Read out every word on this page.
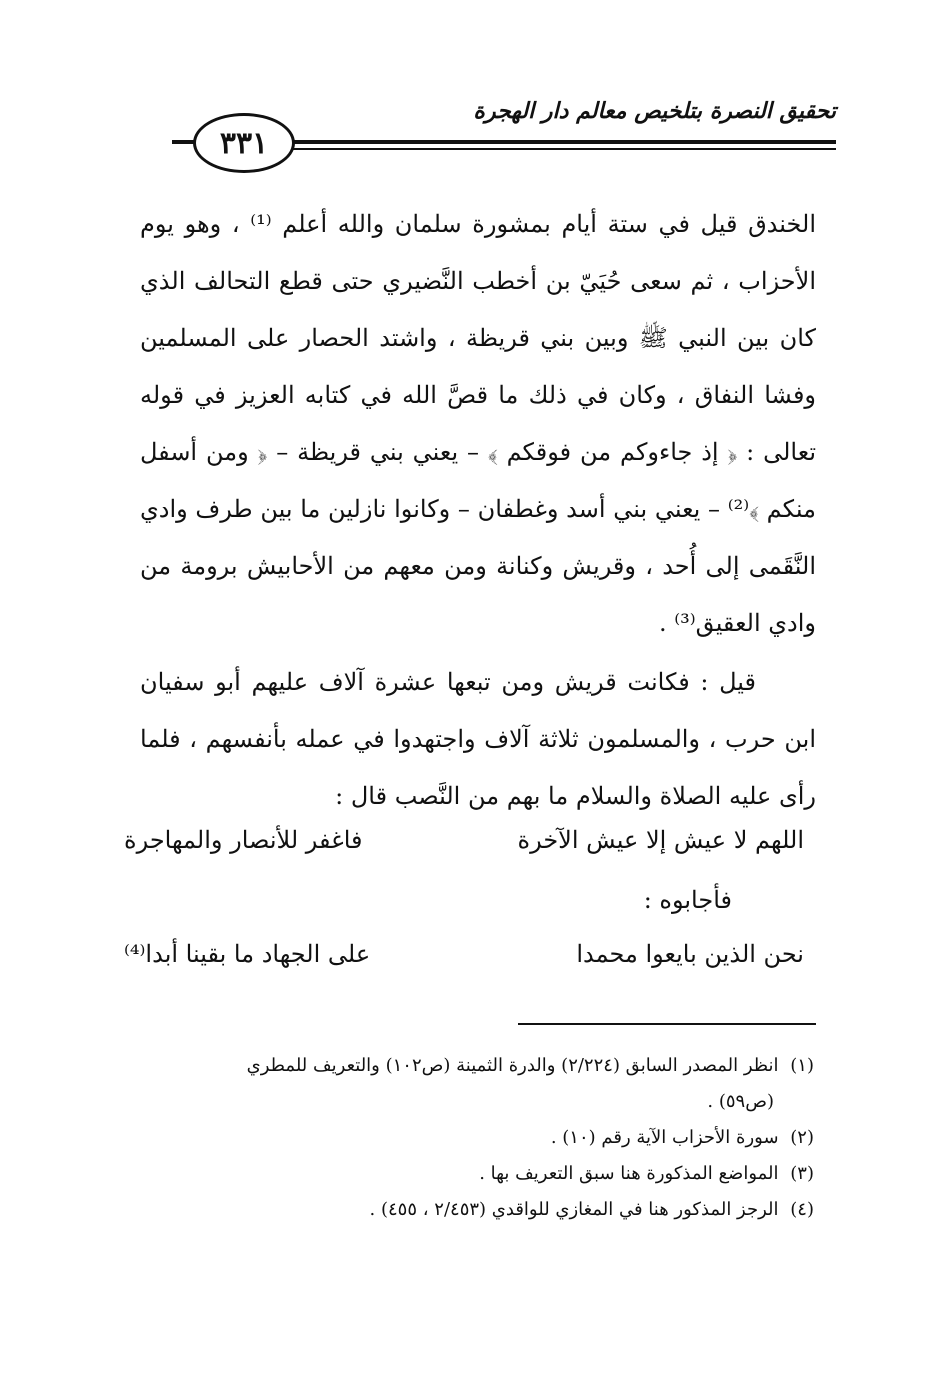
تحقيق النصرة بتلخيص معالم دار الهجرة
٣٣١

الخندق قيل في ستة أيام بمشورة سلمان والله أعلم ⁽¹⁾ ، وهو يوم الأحزاب ، ثم سعى حُيَيّ بن أخطب النَّضيري حتى قطع التحالف الذي كان بين النبي ﷺ وبين بني قريظة ، واشتد الحصار على المسلمين وفشا النفاق ، وكان في ذلك ما قصَّ الله في كتابه العزيز في قوله تعالى : ﴿ إذ جاءوكم من فوقكم ﴾ – يعني بني قريظة – ﴿ ومن أسفل منكم ﴾⁽²⁾ – يعني بني أسد وغطفان – وكانوا نازلين ما بين طرف وادي النَّقَمى إلى أُحد ، وقريش وكنانة ومن معهم من الأحابيش برومة من وادي العقيق⁽³⁾ .

قيل : فكانت قريش ومن تبعها عشرة آلاف عليهم أبو سفيان ابن حرب ، والمسلمون ثلاثة آلاف واجتهدوا في عمله بأنفسهم ، فلما رأى عليه الصلاة والسلام ما بهم من النَّصب قال :

اللهم لا عيش إلا عيش الآخرة
فاغفر للأنصار والمهاجرة
فأجابوه :
نحن الذين بايعوا محمدا
على الجهاد ما بقينا أبدا⁽⁴⁾
(١) انظر المصدر السابق (٢/٢٢٤) والدرة الثمينة (ص١٠٢) والتعريف للمطري
(ص٥٩) .
(٢) سورة الأحزاب الآية رقم (١٠) .
(٣) المواضع المذكورة هنا سبق التعريف بها .
(٤) الرجز المذكور هنا في المغازي للواقدي (٢/٤٥٣ ، ٤٥٥) .
